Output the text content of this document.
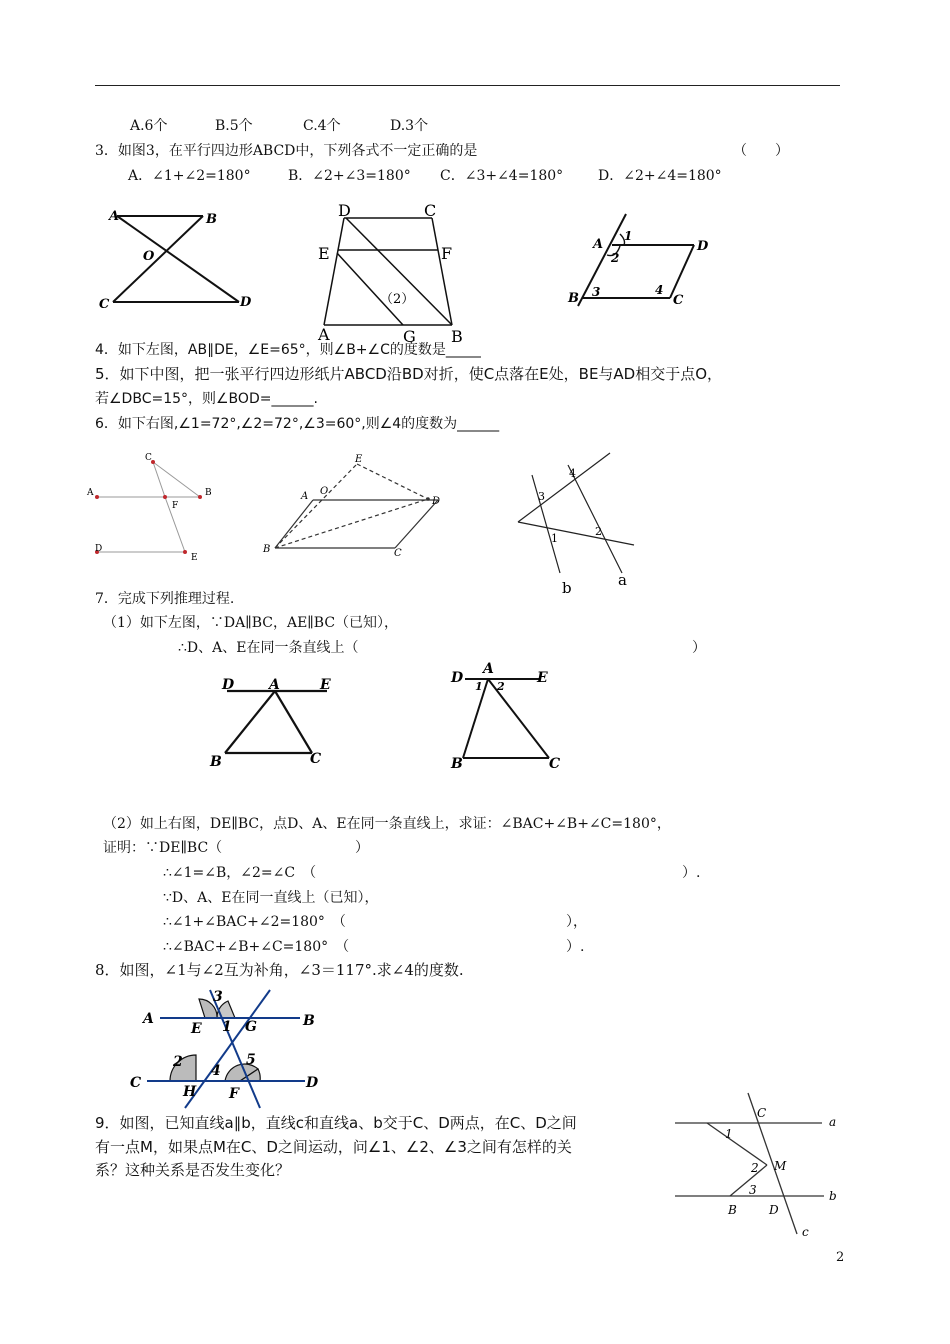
A.6个	B.5个	C.4个	D.3个
3．如图3，在平行四边形ABCD中，下列各式不一定正确的是	（　　）
A．∠1+∠2=180°	B．∠2+∠3=180° C．∠3+∠4=180° D．∠2+∠4=180°
A	B
O
C	D
D	C
E	F
（2）
A	G B
A	D
B	C
1
2
3	4
4．如下左图，AB∥DE，∠E=65°，则∠B+∠C的度数是_____
5．如下中图，把一张平行四边形纸片ABCD沿BD对折，使C点落在E处，BE与AD相交于点O，
若∠DBC=15°，则∠BOD=______.
6．如下右图,∠1=72°,∠2=72°,∠3=60°,则∠4的度数为______
C
A
F
B
D
E
E
A O
D
B	C
1
2
3
4
a
b
7．完成下列推理过程.
（1）如下左图，∵DA∥BC，AE∥BC（已知），
∴D、A、E在同一条直线上（	）
D A	E
B	C
D
A
E
1 2
B	C
（2）如上右图，DE∥BC，点D、A、E在同一条直线上，求证：∠BAC+∠B+∠C=180°，
证明：∵DE∥BC（	）
∴∠1=∠B，∠2=∠C　（	）.
∵D、A、E在同一直线上（已知），
∴∠1+∠BAC+∠2=180°　（	），
∴∠BAC+∠B+∠C=180°　（	）.
8．如图，∠1与∠2互为补角，∠3＝117°.求∠4的度数.
A	B
C	D
E	G
H F
3
1
2
4
5
9．如图，已知直线a∥b，直线c和直线a、b交于C、D两点，在C、D之间
有一点M，如果点M在C、D之间运动，问∠1、∠2、∠3之间有怎样的关
系？这种关系是否发生变化？
C
a
1
2 M
3	b
B	D
c
2
